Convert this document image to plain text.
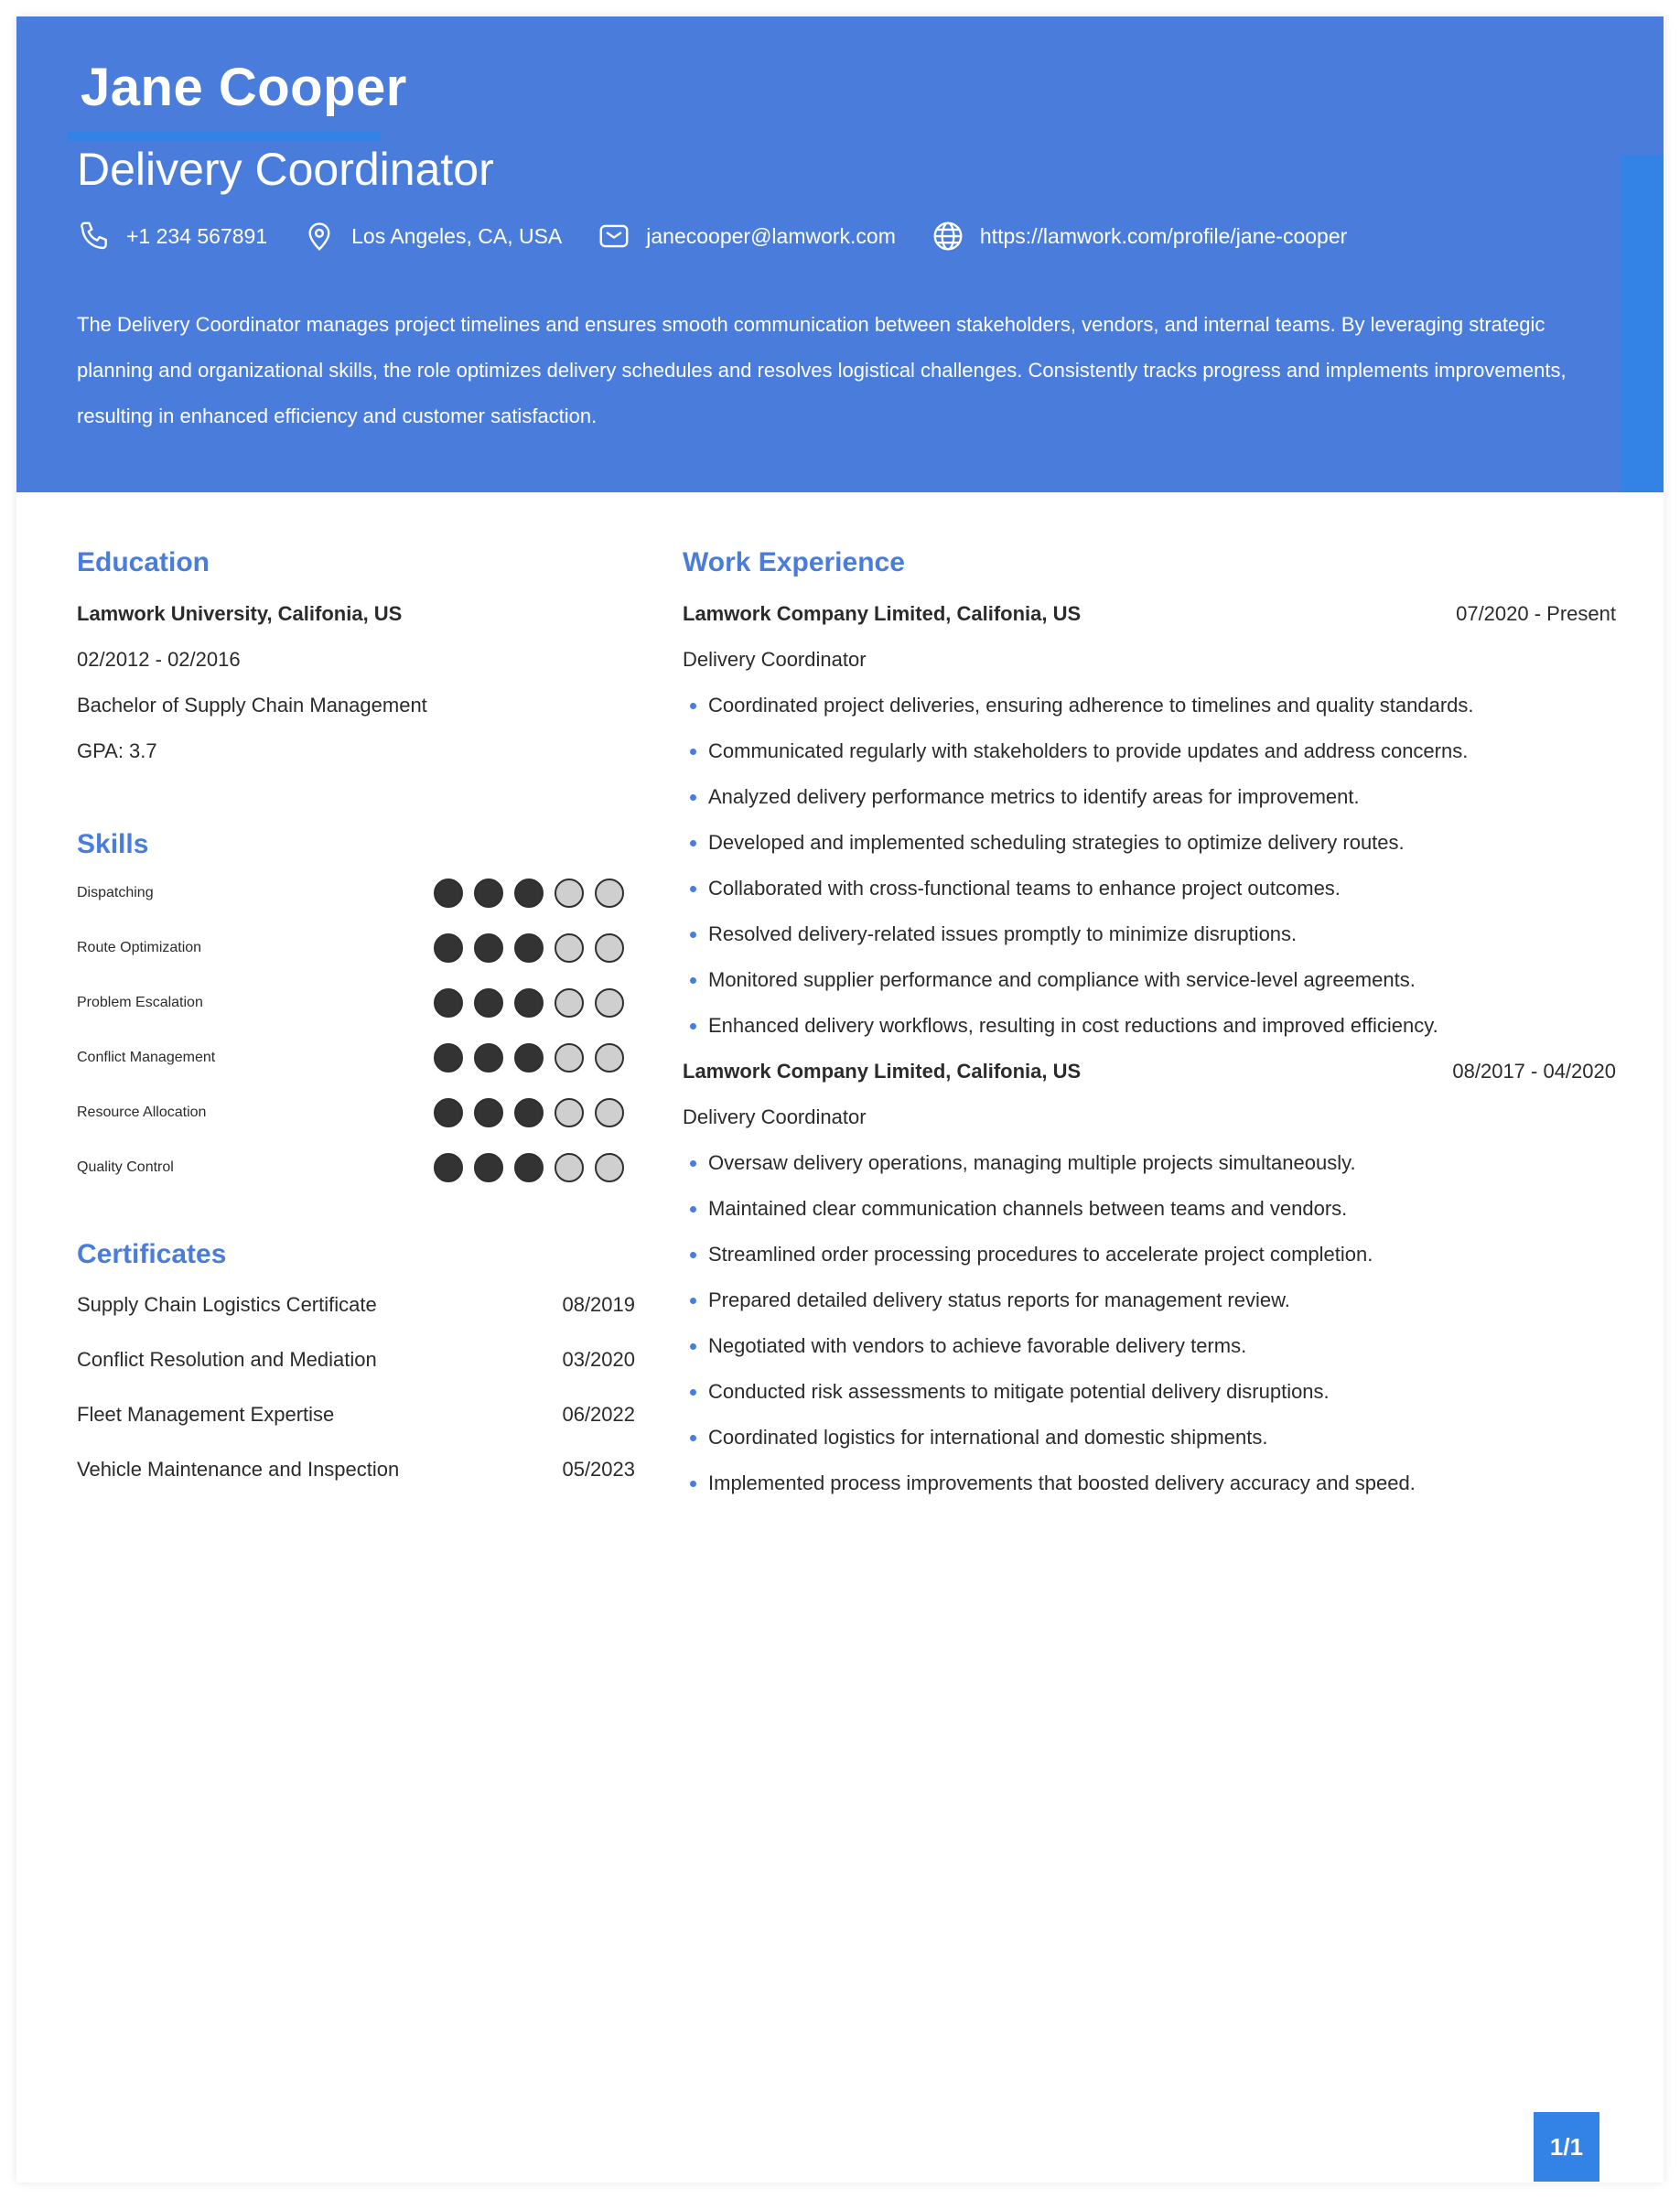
Jane Cooper
Delivery Coordinator
+1 234 567891	Los Angeles, CA, USA	janecooper@lamwork.com	https://lamwork.com/profile/jane-cooper
The Delivery Coordinator manages project timelines and ensures smooth communication between stakeholders, vendors, and internal teams. By leveraging strategic planning and organizational skills, the role optimizes delivery schedules and resolves logistical challenges. Consistently tracks progress and implements improvements, resulting in enhanced efficiency and customer satisfaction.
Education
Lamwork University, Califonia, US
02/2012 - 02/2016
Bachelor of Supply Chain Management
GPA: 3.7
Skills
Dispatching
Route Optimization
Problem Escalation
Conflict Management
Resource Allocation
Quality Control
Certificates
Supply Chain Logistics Certificate	08/2019
Conflict Resolution and Mediation	03/2020
Fleet Management Expertise	06/2022
Vehicle Maintenance and Inspection	05/2023
Work Experience
Lamwork Company Limited, Califonia, US	07/2020 - Present
Delivery Coordinator
Coordinated project deliveries, ensuring adherence to timelines and quality standards.
Communicated regularly with stakeholders to provide updates and address concerns.
Analyzed delivery performance metrics to identify areas for improvement.
Developed and implemented scheduling strategies to optimize delivery routes.
Collaborated with cross-functional teams to enhance project outcomes.
Resolved delivery-related issues promptly to minimize disruptions.
Monitored supplier performance and compliance with service-level agreements.
Enhanced delivery workflows, resulting in cost reductions and improved efficiency.
Lamwork Company Limited, Califonia, US	08/2017 - 04/2020
Delivery Coordinator
Oversaw delivery operations, managing multiple projects simultaneously.
Maintained clear communication channels between teams and vendors.
Streamlined order processing procedures to accelerate project completion.
Prepared detailed delivery status reports for management review.
Negotiated with vendors to achieve favorable delivery terms.
Conducted risk assessments to mitigate potential delivery disruptions.
Coordinated logistics for international and domestic shipments.
Implemented process improvements that boosted delivery accuracy and speed.
1/1
